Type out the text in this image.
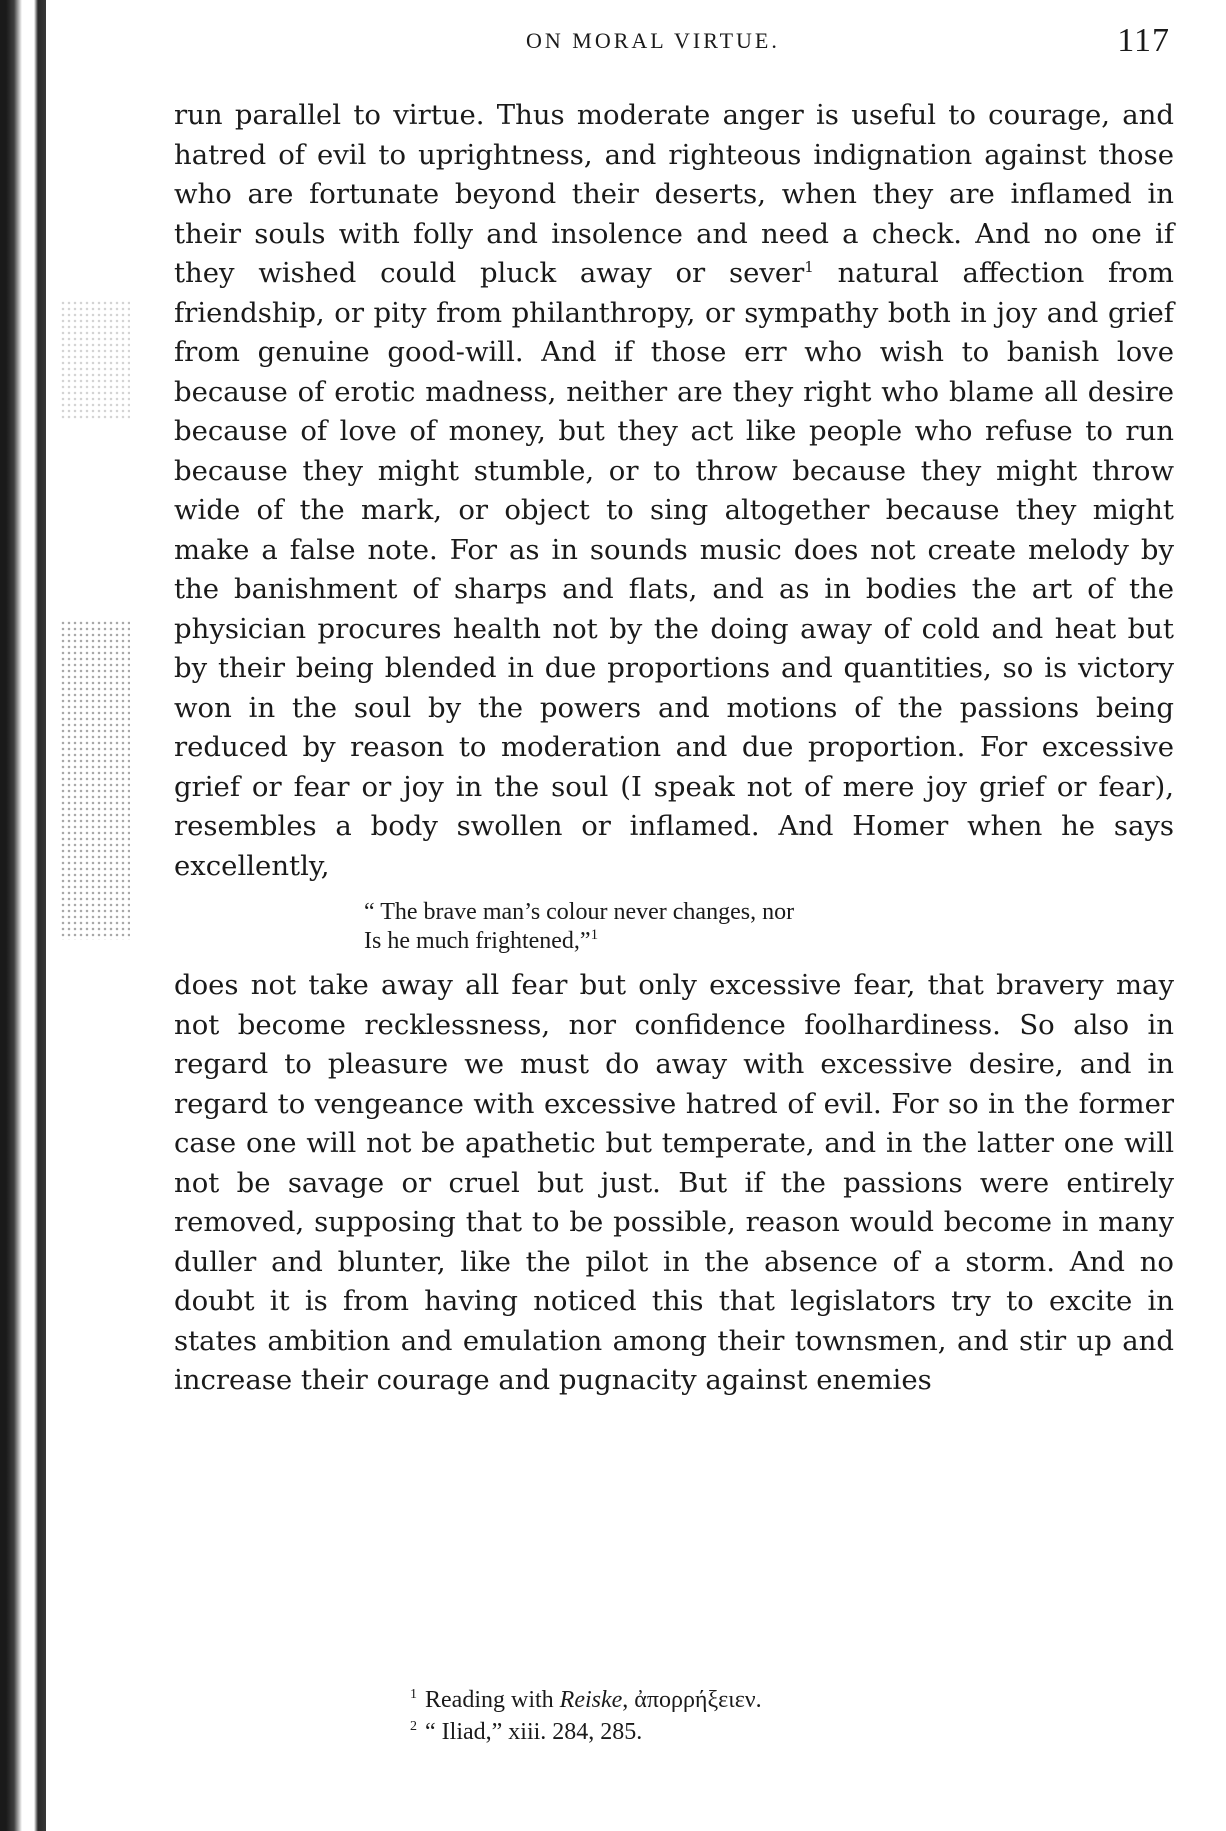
ON MORAL VIRTUE.	117

run parallel to virtue. Thus moderate anger is useful to courage, and hatred of evil to uprightness, and righteous indignation against those who are fortunate beyond their deserts, when they are inflamed in their souls with folly and insolence and need a check. And no one if they wished could pluck away or sever$^1$ natural affection from friendship, or pity from philanthropy, or sympathy both in joy and grief from genuine good-will. And if those err who wish to banish love because of erotic madness, neither are they right who blame all desire because of love of money, but they act like people who refuse to run because they might stumble, or to throw because they might throw wide of the mark, or object to sing altogether because they might make a false note. For as in sounds music does not create melody by the banishment of sharps and flats, and as in bodies the art of the physician procures health not by the doing away of cold and heat but by their being blended in due proportions and quantities, so is victory won in the soul by the powers and motions of the passions being reduced by reason to moderation and due proportion. For excessive grief or fear or joy in the soul (I speak not of mere joy grief or fear), resembles a body swollen or inflamed. And Homer when he says excellently,

“ The brave man’s colour never changes, nor
Is he much frightened,”$^1$

does not take away all fear but only excessive fear, that bravery may not become recklessness, nor confidence foolhardiness. So also in regard to pleasure we must do away with excessive desire, and in regard to vengeance with excessive hatred of evil. For so in the former case one will not be apathetic but temperate, and in the latter one will not be savage or cruel but just. But if the passions were entirely removed, supposing that to be possible, reason would become in many duller and blunter, like the pilot in the absence of a storm. And no doubt it is from having noticed this that legislators try to excite in states ambition and emulation among their townsmen, and stir up and increase their courage and pugnacity against enemies

$^1$ Reading with Reiske, ἀπορρήξειεν.
$^2$ “ Iliad,” xiii. 284, 285.
